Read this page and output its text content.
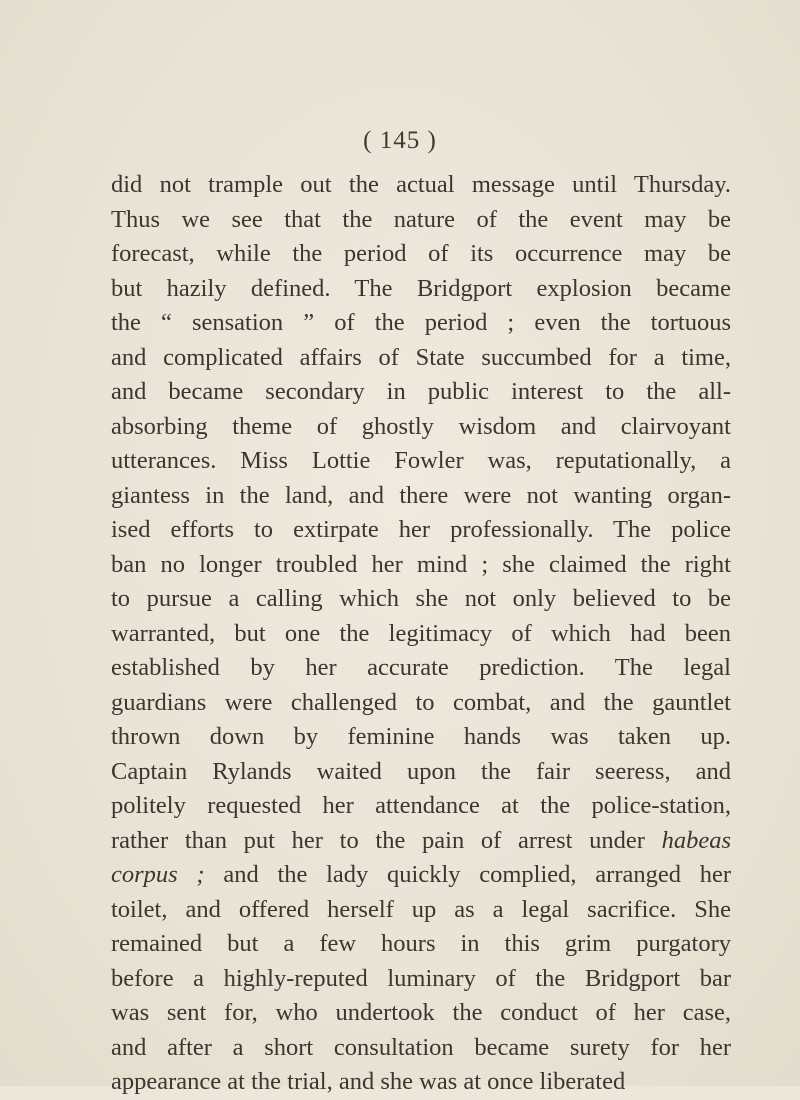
( 145 )
did not trample out the actual message until Thursday.
Thus we see that the nature of the event may be
forecast, while the period of its occurrence may be
but hazily defined. The Bridgport explosion became
the “ sensation ” of the period ; even the tortuous
and complicated affairs of State succumbed for a time,
and became secondary in public interest to the all-
absorbing theme of ghostly wisdom and clairvoyant
utterances. Miss Lottie Fowler was, reputationally, a
giantess in the land, and there were not wanting organ-
ised efforts to extirpate her professionally. The police
ban no longer troubled her mind ; she claimed the right
to pursue a calling which she not only believed to be
warranted, but one the legitimacy of which had been
established by her accurate prediction. The legal
guardians were challenged to combat, and the gauntlet
thrown down by feminine hands was taken up.
Captain Rylands waited upon the fair seeress, and
politely requested her attendance at the police-station,
rather than put her to the pain of arrest under habeas
corpus ; and the lady quickly complied, arranged her
toilet, and offered herself up as a legal sacrifice. She
remained but a few hours in this grim purgatory
before a highly-reputed luminary of the Bridgport bar
was sent for, who undertook the conduct of her case,
and after a short consultation became surety for her
appearance at the trial, and she was at once liberated
